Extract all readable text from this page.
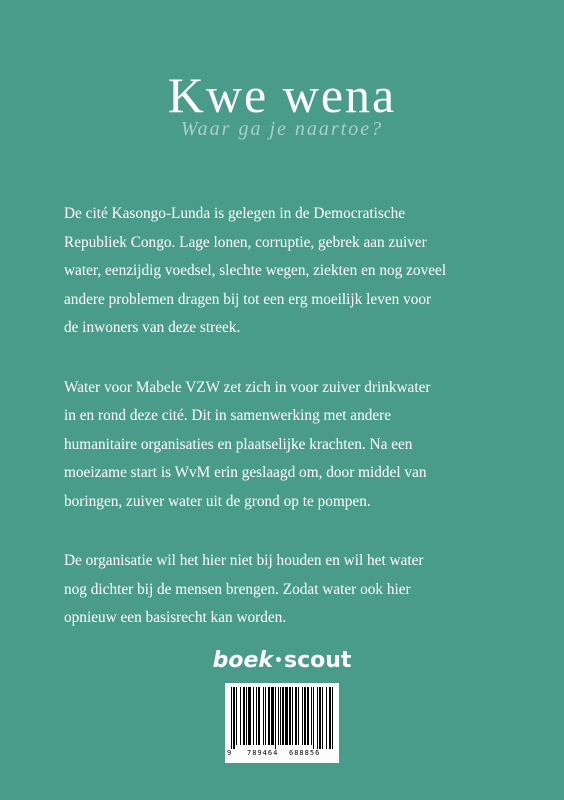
Kwe wena
Waar ga je naartoe?

De cité Kasongo-Lunda is gelegen in de Democratische
Republiek Congo. Lage lonen, corruptie, gebrek aan zuiver
water, eenzijdig voedsel, slechte wegen, ziekten en nog zoveel
andere problemen dragen bij tot een erg moeilijk leven voor
de inwoners van deze streek.

Water voor Mabele VZW zet zich in voor zuiver drinkwater
in en rond deze cité. Dit in samenwerking met andere
humanitaire organisaties en plaatselijke krachten. Na een
moeizame start is WvM erin geslaagd om, door middel van
boringen, zuiver water uit de grond op te pompen.

De organisatie wil het hier niet bij houden en wil het water
nog dichter bij de mensen brengen. Zodat water ook hier
opnieuw een basisrecht kan worden.

boek•scout
9 789464 688856
